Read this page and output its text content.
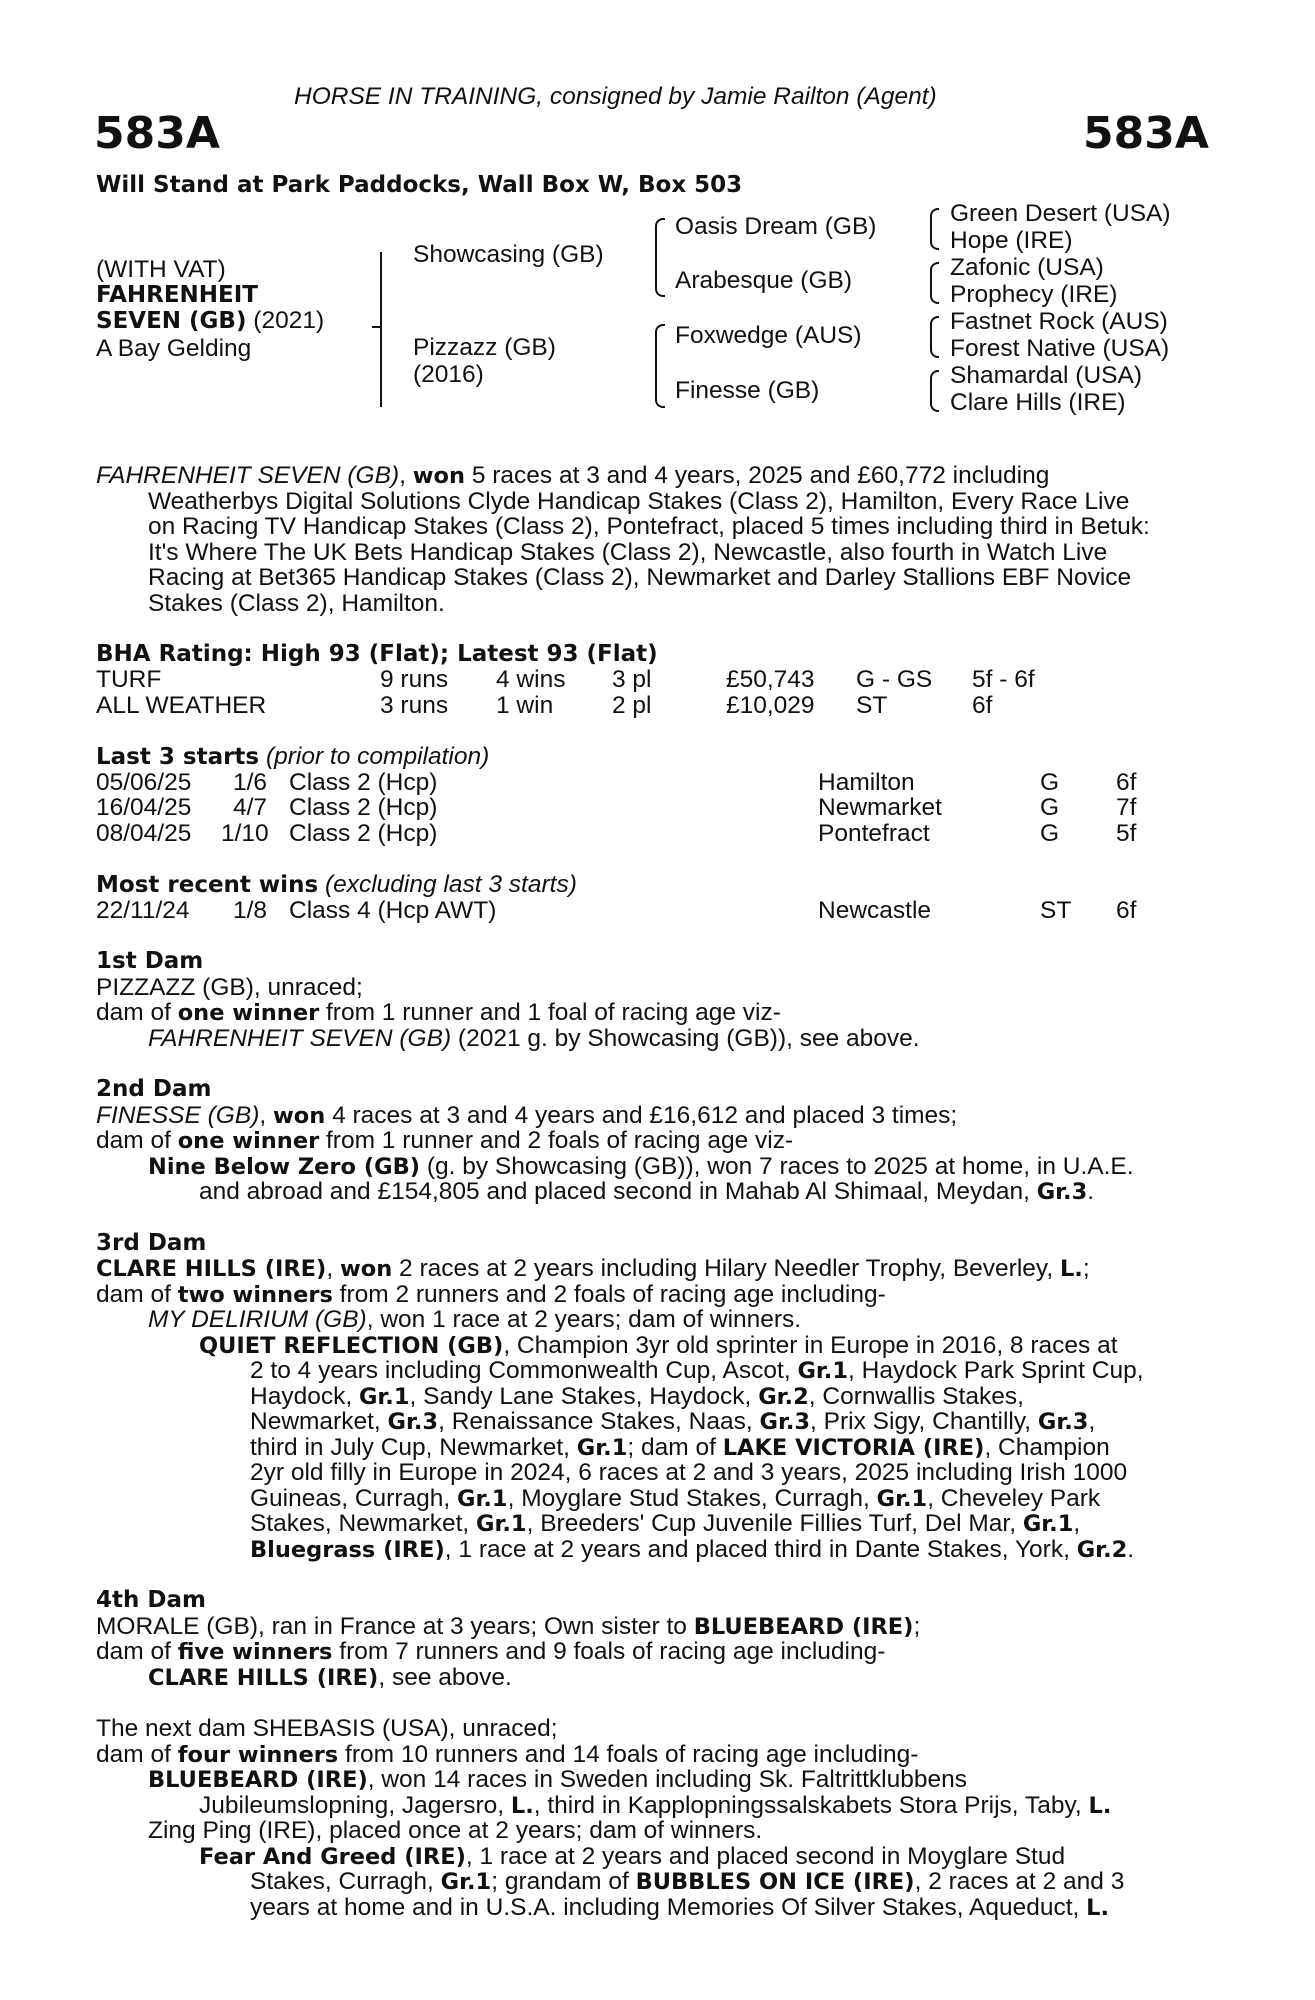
HORSE IN TRAINING, consigned by Jamie Railton (Agent)
583A	583A
Will Stand at Park Paddocks, Wall Box W, Box 503
(WITH VAT)
FAHRENHEIT
SEVEN (GB) (2021)
A Bay Gelding
Showcasing (GB)
Pizzazz (GB)
(2016)
Oasis Dream (GB)
Arabesque (GB)
Foxwedge (AUS)
Finesse (GB)
Green Desert (USA)
Hope (IRE)
Zafonic (USA)
Prophecy (IRE)
Fastnet Rock (AUS)
Forest Native (USA)
Shamardal (USA)
Clare Hills (IRE)
FAHRENHEIT SEVEN (GB), won 5 races at 3 and 4 years, 2025 and £60,772 including
Weatherbys Digital Solutions Clyde Handicap Stakes (Class 2), Hamilton, Every Race Live
on Racing TV Handicap Stakes (Class 2), Pontefract, placed 5 times including third in Betuk:
It's Where The UK Bets Handicap Stakes (Class 2), Newcastle, also fourth in Watch Live
Racing at Bet365 Handicap Stakes (Class 2), Newmarket and Darley Stallions EBF Novice
Stakes (Class 2), Hamilton.
BHA Rating: High 93 (Flat); Latest 93 (Flat)
TURF	9 runs 4 wins 3 pl	£50,743 G - GS 5f - 6f
ALL WEATHER	3 runs 1 win 2 pl	£10,029 ST	6f
Last 3 starts (prior to compilation)
05/06/25 1/6 Class 2 (Hcp)	Hamilton	G 6f
16/04/25 4/7 Class 2 (Hcp)	Newmarket	G 7f
08/04/25 1/10 Class 2 (Hcp)	Pontefract	G 5f
Most recent wins (excluding last 3 starts)
22/11/24 1/8 Class 4 (Hcp AWT)	Newcastle	ST 6f
1st Dam
PIZZAZZ (GB), unraced;
dam of one winner from 1 runner and 1 foal of racing age viz-
FAHRENHEIT SEVEN (GB) (2021 g. by Showcasing (GB)), see above.
2nd Dam
FINESSE (GB), won 4 races at 3 and 4 years and £16,612 and placed 3 times;
dam of one winner from 1 runner and 2 foals of racing age viz-
Nine Below Zero (GB) (g. by Showcasing (GB)), won 7 races to 2025 at home, in U.A.E.
and abroad and £154,805 and placed second in Mahab Al Shimaal, Meydan, Gr.3.
3rd Dam
CLARE HILLS (IRE), won 2 races at 2 years including Hilary Needler Trophy, Beverley, L.;
dam of two winners from 2 runners and 2 foals of racing age including-
MY DELIRIUM (GB), won 1 race at 2 years; dam of winners.
QUIET REFLECTION (GB), Champion 3yr old sprinter in Europe in 2016, 8 races at
2 to 4 years including Commonwealth Cup, Ascot, Gr.1, Haydock Park Sprint Cup,
Haydock, Gr.1, Sandy Lane Stakes, Haydock, Gr.2, Cornwallis Stakes,
Newmarket, Gr.3, Renaissance Stakes, Naas, Gr.3, Prix Sigy, Chantilly, Gr.3,
third in July Cup, Newmarket, Gr.1; dam of LAKE VICTORIA (IRE), Champion
2yr old filly in Europe in 2024, 6 races at 2 and 3 years, 2025 including Irish 1000
Guineas, Curragh, Gr.1, Moyglare Stud Stakes, Curragh, Gr.1, Cheveley Park
Stakes, Newmarket, Gr.1, Breeders' Cup Juvenile Fillies Turf, Del Mar, Gr.1,
Bluegrass (IRE), 1 race at 2 years and placed third in Dante Stakes, York, Gr.2.
4th Dam
MORALE (GB), ran in France at 3 years; Own sister to BLUEBEARD (IRE);
dam of five winners from 7 runners and 9 foals of racing age including-
CLARE HILLS (IRE), see above.
The next dam SHEBASIS (USA), unraced;
dam of four winners from 10 runners and 14 foals of racing age including-
BLUEBEARD (IRE), won 14 races in Sweden including Sk. Faltrittklubbens
Jubileumslopning, Jagersro, L., third in Kapplopningssalskabets Stora Prijs, Taby, L.
Zing Ping (IRE), placed once at 2 years; dam of winners.
Fear And Greed (IRE), 1 race at 2 years and placed second in Moyglare Stud
Stakes, Curragh, Gr.1; grandam of BUBBLES ON ICE (IRE), 2 races at 2 and 3
years at home and in U.S.A. including Memories Of Silver Stakes, Aqueduct, L.
